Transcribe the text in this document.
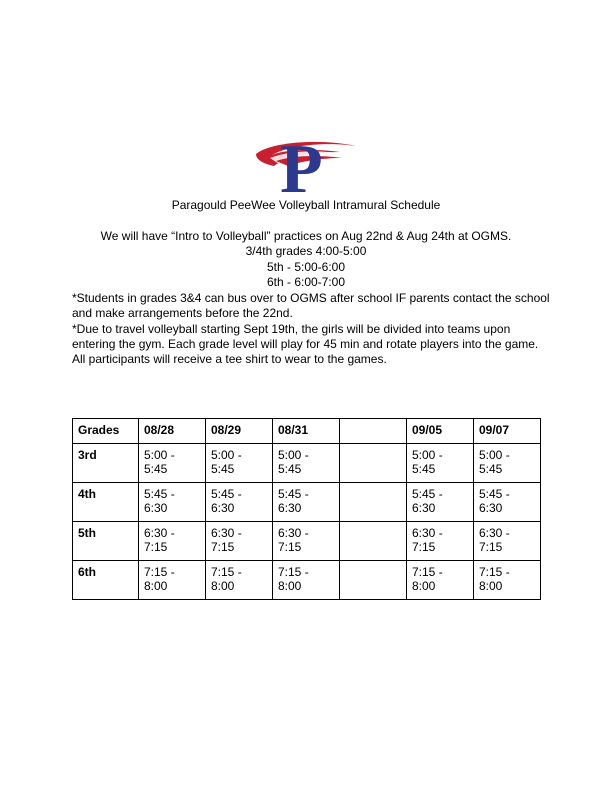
P
Paragould PeeWee Volleyball Intramural Schedule
We will have “Intro to Volleyball” practices on Aug 22nd & Aug 24th at OGMS.
3/4th grades 4:00-5:00
5th - 5:00-6:00
6th - 6:00-7:00

*Students in grades 3&4 can bus over to OGMS after school IF parents contact the school and make arrangements before the 22nd.

*Due to travel volleyball starting Sept 19th, the girls will be divided into teams upon entering the gym. Each grade level will play for 45 min and rotate players into the game. All participants will receive a tee shirt to wear to the games.

Grades	08/28	08/29	08/31		09/05	09/07
3rd	5:00 -
5:45	5:00 -
5:45	5:00 -
5:45		5:00 -
5:45	5:00 -
5:45

4th	5:45 -
6:30	5:45 -
6:30	5:45 -
6:30		5:45 -
6:30	5:45 -
6:30

5th	6:30 -
7:15	6:30 -
7:15	6:30 -
7:15		6:30 -
7:15	6:30 -
7:15

6th	7:15 -
8:00	7:15 -
8:00	7:15 -
8:00		7:15 -
8:00	7:15 -
8:00
